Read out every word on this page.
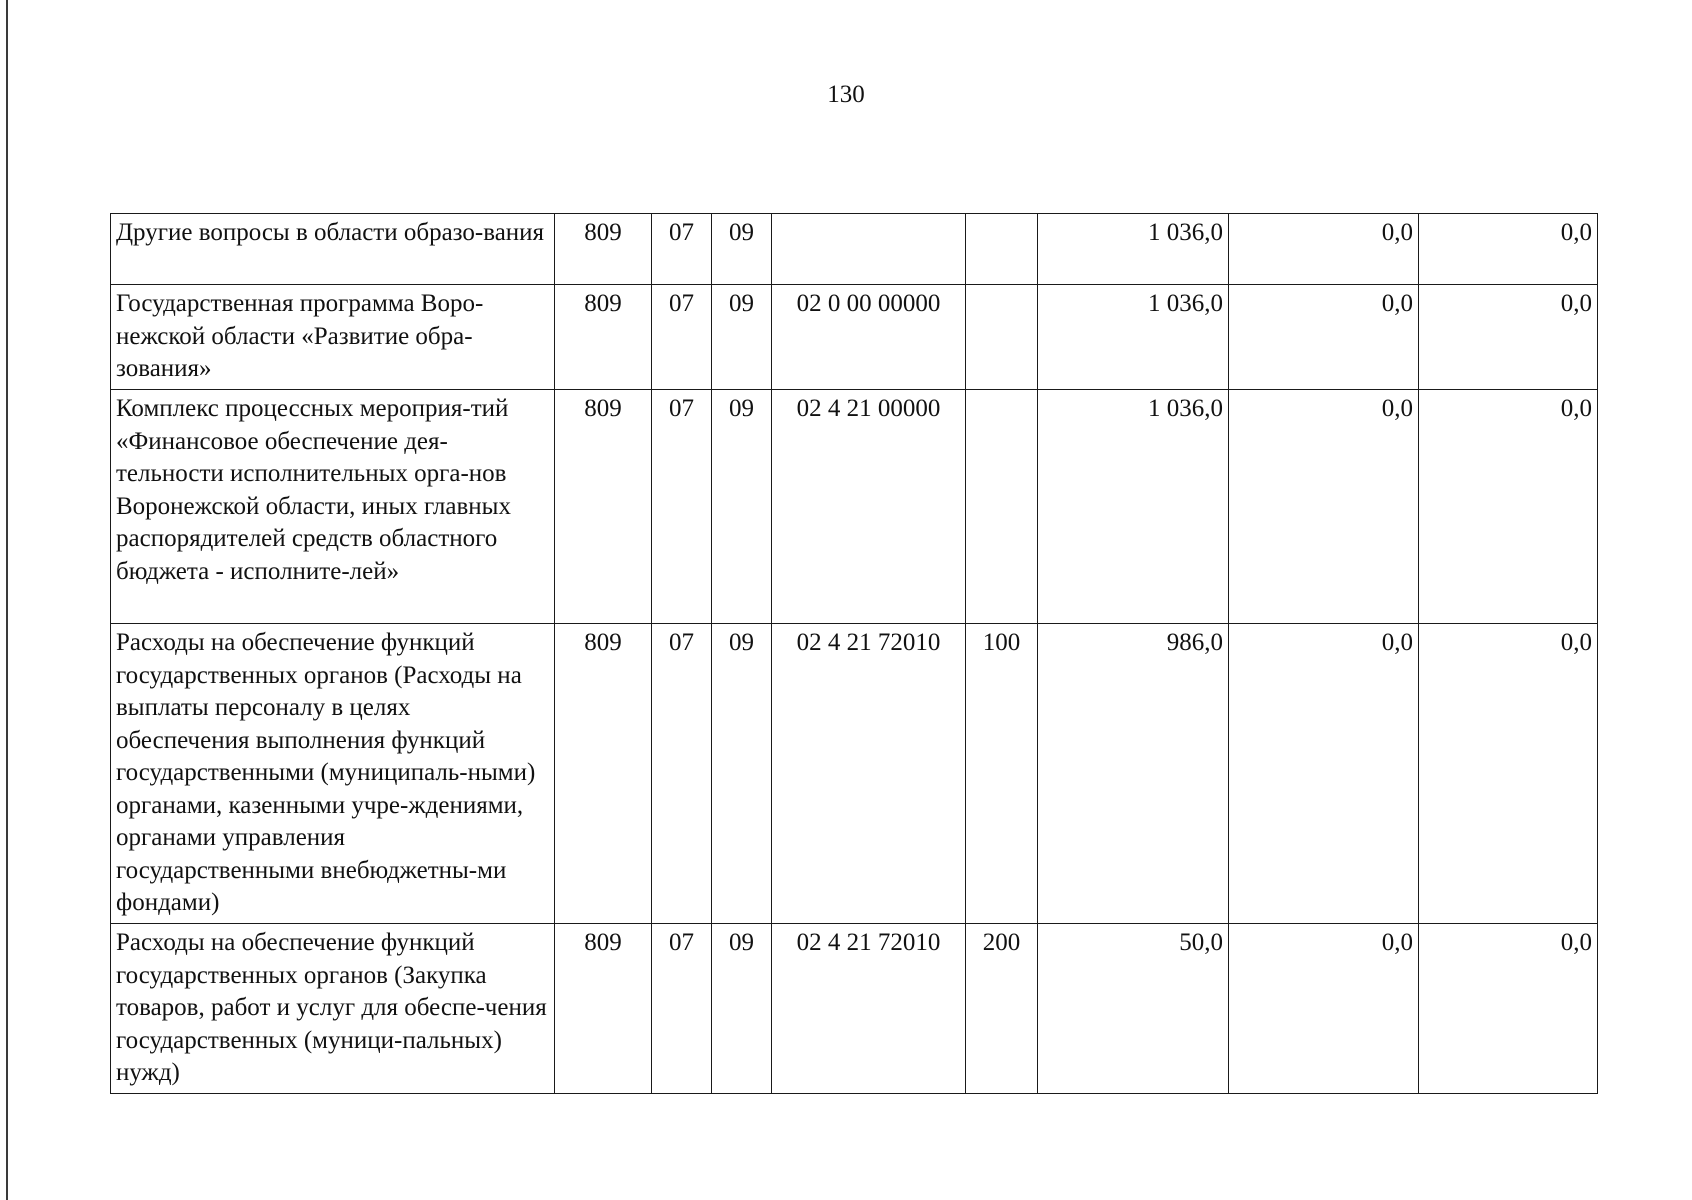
130
Другие вопросы в области образо-вания	809	07	09			1 036,0	0,0	0,0
Государственная программа Воро-нежской области «Развитие обра-зования»	809	07	09	02 0 00 00000		1 036,0	0,0	0,0
Комплекс процессных мероприя-тий «Финансовое обеспечение дея-тельности исполнительных орга-нов Воронежской области, иных главных распорядителей средств областного бюджета - исполните-лей»	809	07	09	02 4 21 00000		1 036,0	0,0	0,0
Расходы на обеспечение функций государственных органов (Расходы на выплаты персоналу в целях обеспечения выполнения функций государственными (муниципаль-ными) органами, казенными учре-ждениями, органами управления государственными внебюджетны-ми фондами)	809	07	09	02 4 21 72010	100	986,0	0,0	0,0
Расходы на обеспечение функций государственных органов (Закупка товаров, работ и услуг для обеспе-чения государственных (муници-пальных) нужд)	809	07	09	02 4 21 72010	200	50,0	0,0	0,0
